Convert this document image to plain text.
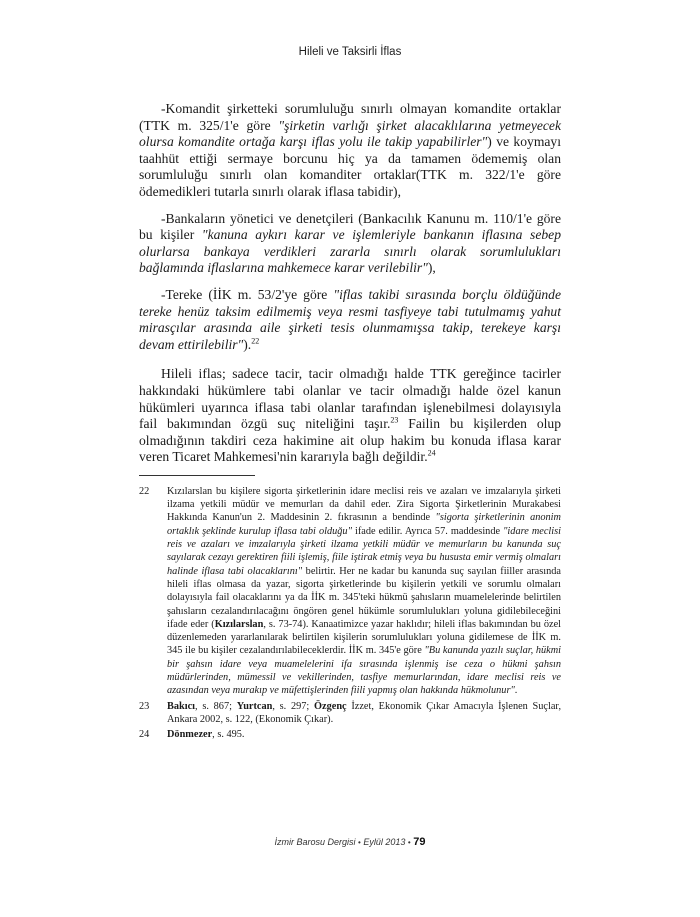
Hileli ve Taksirli İflas

-Komandit şirketteki sorumluluğu sınırlı olmayan komandite ortaklar (TTK m. 325/1'e göre "şirketin varlığı şirket alacaklılarına yetmeyecek olursa komandite ortağa karşı iflas yolu ile takip yapabilirler") ve koymayı taahhüt ettiği sermaye borcunu hiç ya da tamamen ödememiş olan sorumluluğu sınırlı olan komanditer ortaklar(TTK m. 322/1'e göre ödemedikleri tutarla sınırlı olarak iflasa tabidir),

-Bankaların yönetici ve denetçileri (Bankacılık Kanunu m. 110/1'e göre bu kişiler "kanuna aykırı karar ve işlemleriyle bankanın iflasına sebep olurlarsa bankaya verdikleri zararla sınırlı olarak sorumlulukları bağlamında iflaslarına mahkemece karar verilebilir"),

-Tereke (İİK m. 53/2'ye göre "iflas takibi sırasında borçlu öldüğünde tereke henüz taksim edilmemiş veya resmi tasfiyeye tabi tutulmamış yahut mirasçılar arasında aile şirketi tesis olunmamışsa takip, terekeye karşı devam ettirilebilir").$^{22}$

Hileli iflas; sadece tacir, tacir olmadığı halde TTK gereğince tacirler hakkındaki hükümlere tabi olanlar ve tacir olmadığı halde özel kanun hükümleri uyarınca iflasa tabi olanlar tarafından işlenebilmesi dolayısıyla fail bakımından özgü suç niteliğini taşır.$^{23}$ Failin bu kişilerden olup olmadığının takdiri ceza hakimine ait olup hakim bu konuda iflasa karar veren Ticaret Mahkemesi'nin kararıyla bağlı değildir.$^{24}$

22	Kızılarslan bu kişilere sigorta şirketlerinin idare meclisi reis ve azaları ve imzalarıyla şirketi ilzama yetkili müdür ve memurları da dahil eder. Zira Sigorta Şirketlerinin Murakabesi Hakkında Kanun'un 2. Maddesinin 2. fıkrasının a bendinde "sigorta şirketlerinin anonim ortaklık şeklinde kurulup iflasa tabi olduğu" ifade edilir. Ayrıca 57. maddesinde "idare meclisi reis ve azaları ve imzalarıyla şirketi ilzama yetkili müdür ve memurların bu kanunda suç sayılarak cezayı gerektiren fiili işlemiş, fiile iştirak etmiş veya bu hususta emir vermiş olmaları halinde iflasa tabi olacaklarını" belirtir. Her ne kadar bu kanunda suç sayılan fiiller arasında hileli iflas olmasa da yazar, sigorta şirketlerinde bu kişilerin yetkili ve sorumlu olmaları dolayısıyla fail olacaklarını ya da İİK m. 345'teki hükmü şahısların muamelelerinde belirtilen şahısların cezalandırılacağını öngören genel hükümle sorumlulukları yoluna gidilebileceğini ifade eder (Kızılarslan, s. 73-74). Kanaatimizce yazar haklıdır; hileli iflas bakımından bu özel düzenlemeden yararlanılarak belirtilen kişilerin sorumlulukları yoluna gidilemese de İİK m. 345 ile bu kişiler cezalandırılabileceklerdir. İİK m. 345'e göre "Bu kanunda yazılı suçlar, hükmi bir şahsın idare veya muamelelerini ifa sırasında işlenmiş ise ceza o hükmi şahsın müdürlerinden, mümessil ve vekillerinden, tasfiye memurlarından, idare meclisi reis ve azasından veya murakıp ve müfettişlerinden fiili yapmış olan hakkında hükmolunur".
23	Bakıcı, s. 867; Yurtcan, s. 297; Özgenç İzzet, Ekonomik Çıkar Amacıyla İşlenen Suçlar, Ankara 2002, s. 122, (Ekonomik Çıkar).
24	Dönmezer, s. 495.
İzmir Barosu Dergisi • Eylül 2013 • 79
